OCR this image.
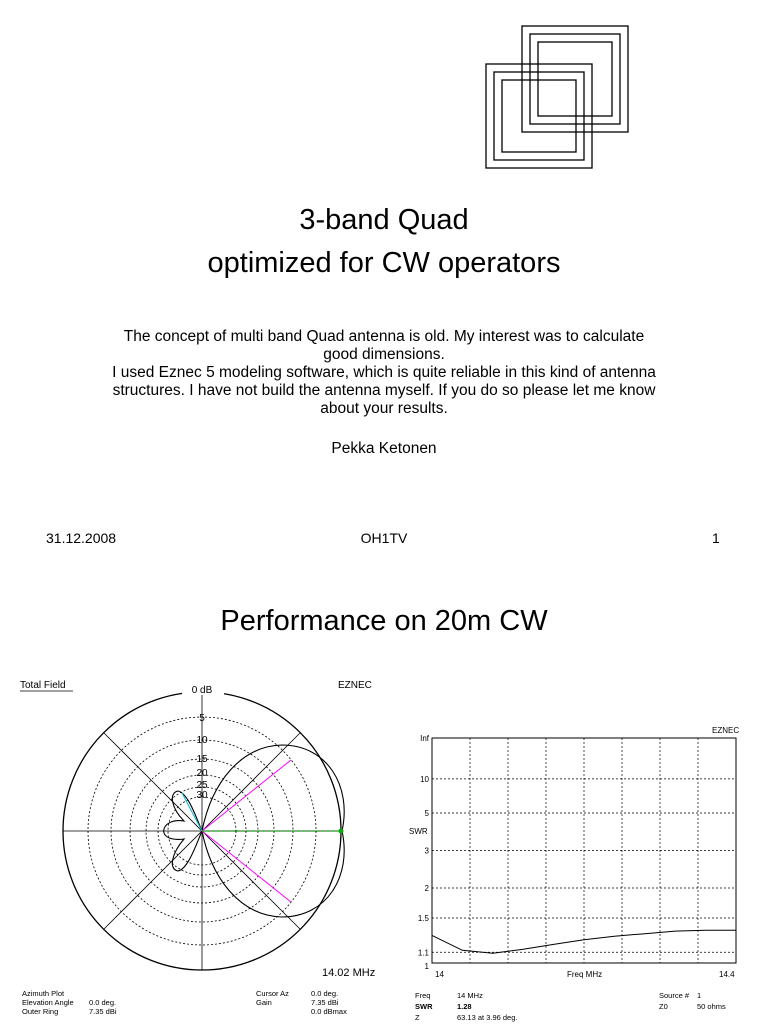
3-band Quad
optimized for CW operators
The concept of multi band Quad antenna is old. My interest was to calculate good dimensions.
I used Eznec 5 modeling software, which is quite reliable in this kind of antenna structures. I have not build the antenna myself. If you do so please let me know about your results.
Pekka Ketonen
31.12.2008	OH1TV	1
Performance on 20m CW
Total Field	EZNEC
0 dB
5
10
15
20
25
30
14.02 MHz
Azimuth Plot
Elevation Angle 0.0 deg.
Outer Ring	7.35 dBi
Cursor Az	0.0 deg.
Gain	7.35 dBi
0.0 dBmax
EZNEC
Inf
10
5
3
2
1.5
1.1
1
SWR
14	Freq MHz	14.4
Freq	14 MHz
SWR	1.28
Z	63.13 at 3.96 deg.
Source # 1
Z0	50 ohms
